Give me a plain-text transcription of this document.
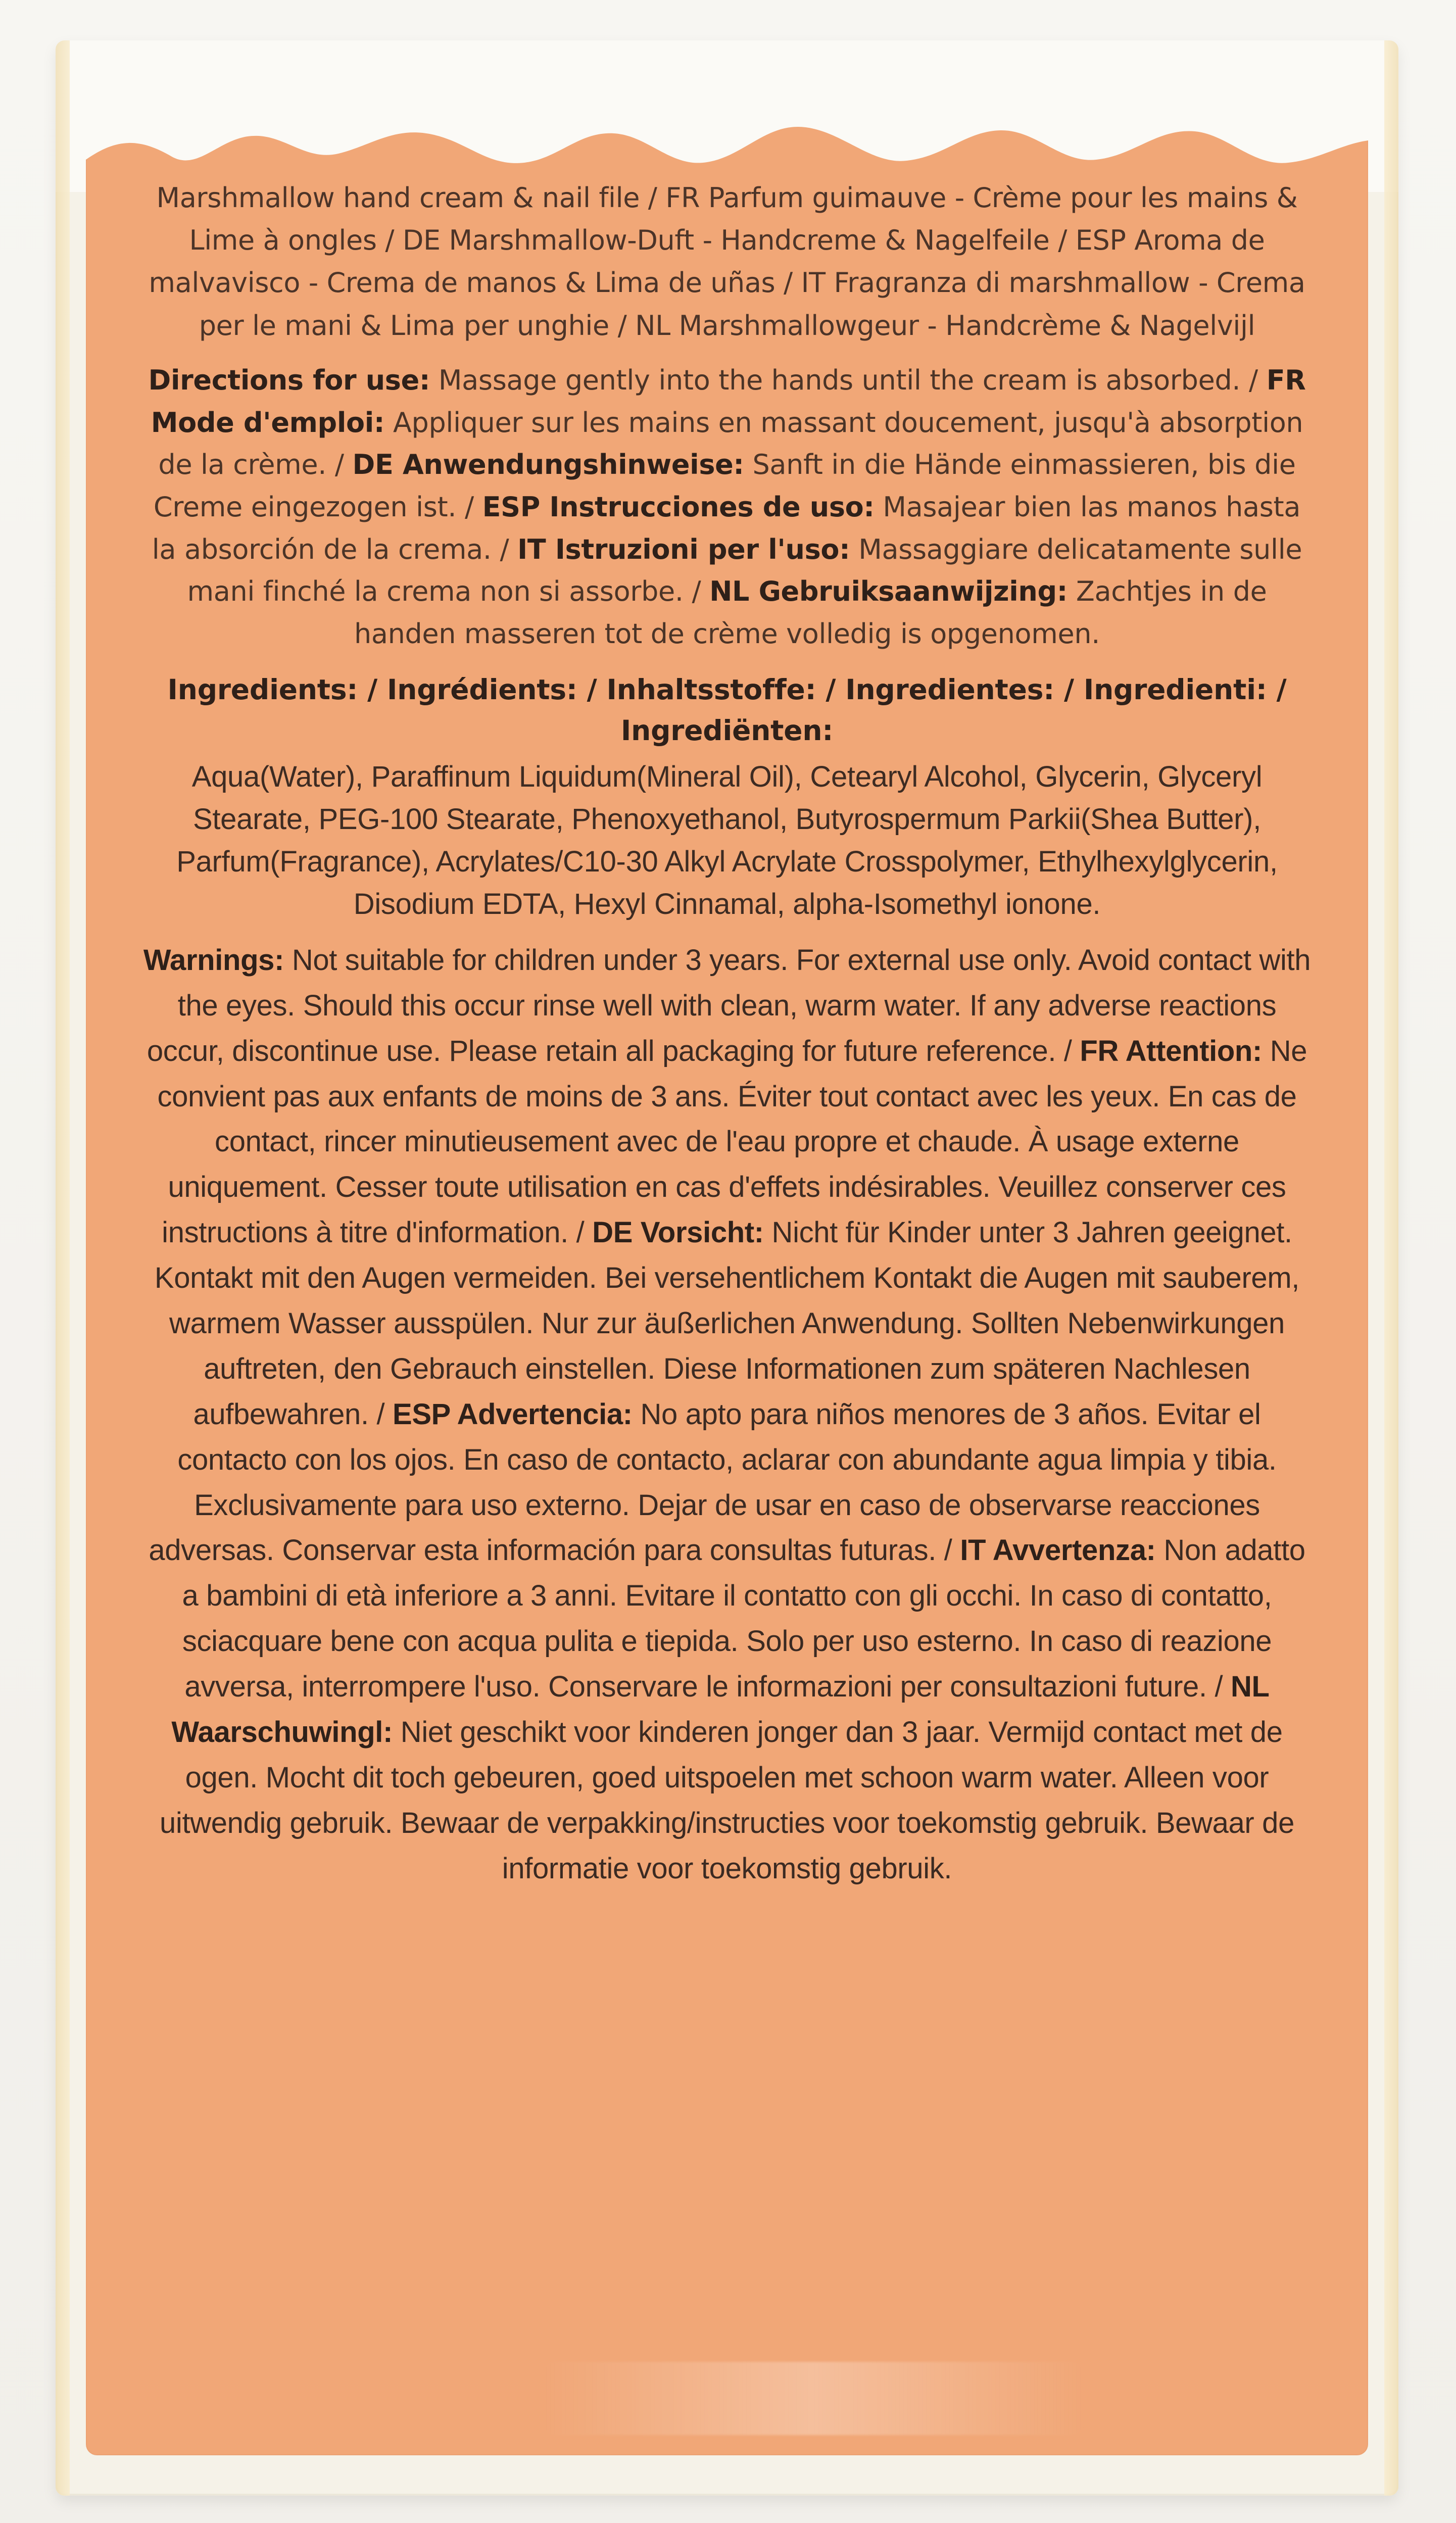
Marshmallow hand cream & nail file / FR Parfum guimauve - Crème pour les mains & Lime à ongles / DE Marshmallow-Duft - Handcreme & Nagelfeile / ESP Aroma de malvavisco - Crema de manos & Lima de uñas / IT Fragranza di marshmallow - Crema per le mani & Lima per unghie / NL Marshmallowgeur - Handcrème & Nagelvijl

Directions for use: Massage gently into the hands until the cream is absorbed. / FR Mode d'emploi: Appliquer sur les mains en massant doucement, jusqu'à absorption de la crème. / DE Anwendungshinweise: Sanft in die Hände einmassieren, bis die Creme eingezogen ist. / ESP Instrucciones de uso: Masajear bien las manos hasta la absorción de la crema. / IT Istruzioni per l'uso: Massaggiare delicatamente sulle mani finché la crema non si assorbe. / NL Gebruiksaanwijzing: Zachtjes in de handen masseren tot de crème volledig is opgenomen.

Ingredients: / Ingrédients: / Inhaltsstoffe: / Ingredientes: / Ingredienti: / Ingrediënten:

Aqua(Water), Paraffinum Liquidum(Mineral Oil), Cetearyl Alcohol, Glycerin, Glyceryl Stearate, PEG-100 Stearate, Phenoxyethanol, Butyrospermum Parkii(Shea Butter), Parfum(Fragrance), Acrylates/C10-30 Alkyl Acrylate Crosspolymer, Ethylhexylglycerin, Disodium EDTA, Hexyl Cinnamal, alpha-Isomethyl ionone.

Warnings: Not suitable for children under 3 years. For external use only. Avoid contact with the eyes. Should this occur rinse well with clean, warm water. If any adverse reactions occur, discontinue use. Please retain all packaging for future reference. / FR Attention: Ne convient pas aux enfants de moins de 3 ans. Éviter tout contact avec les yeux. En cas de contact, rincer minutieusement avec de l'eau propre et chaude. À usage externe uniquement. Cesser toute utilisation en cas d'effets indésirables. Veuillez conserver ces instructions à titre d'information. / DE Vorsicht: Nicht für Kinder unter 3 Jahren geeignet. Kontakt mit den Augen vermeiden. Bei versehentlichem Kontakt die Augen mit sauberem, warmem Wasser ausspülen. Nur zur äußerlichen Anwendung. Sollten Nebenwirkungen auftreten, den Gebrauch einstellen. Diese Informationen zum späteren Nachlesen aufbewahren. / ESP Advertencia: No apto para niños menores de 3 años. Evitar el contacto con los ojos. En caso de contacto, aclarar con abundante agua limpia y tibia. Exclusivamente para uso externo. Dejar de usar en caso de observarse reacciones adversas. Conservar esta información para consultas futuras. / IT Avvertenza: Non adatto a bambini di età inferiore a 3 anni. Evitare il contatto con gli occhi. In caso di contatto, sciacquare bene con acqua pulita e tiepida. Solo per uso esterno. In caso di reazione avversa, interrompere l'uso. Conservare le informazioni per consultazioni future. / NL Waarschuwingl: Niet geschikt voor kinderen jonger dan 3 jaar. Vermijd contact met de ogen. Mocht dit toch gebeuren, goed uitspoelen met schoon warm water. Alleen voor uitwendig gebruik. Bewaar de verpakking/instructies voor toekomstig gebruik. Bewaar de informatie voor toekomstig gebruik.
